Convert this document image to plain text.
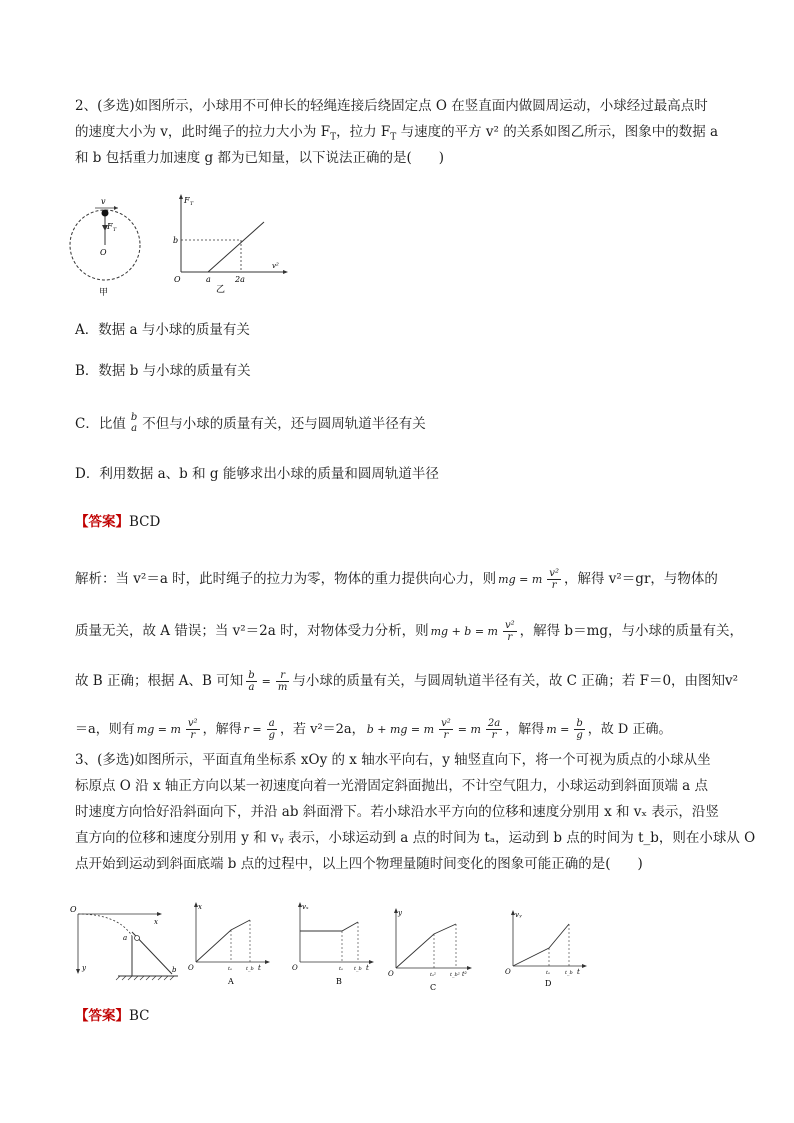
2、(多选)如图所示，小球用不可伸长的轻绳连接后绕固定点 O 在竖直面内做圆周运动，小球经过最高点时
的速度大小为 v，此时绳子的拉力大小为 $F_T$，拉力 $F_T$ 与速度的平方 v² 的关系如图乙所示，图象中的数据 a
和 b 包括重力加速度 g 都为已知量，以下说法正确的是(　　)
v
F T
O
甲
F T
b
O	a	2a
v²
乙
A．数据 a 与小球的质量有关
B．数据 b 与小球的质量有关
C．比值 b
a 不但与小球的质量有关，还与圆周轨道半径有关
D．利用数据 a、b 和 g 能够求出小球的质量和圆周轨道半径
【答案】BCD
解析：当 v²＝a 时，此时绳子的拉力为零，物体的重力提供向心力，则 mg = m $\frac{\text{v²}}{r}$ ，解得 v²＝gr，与物体的
质量无关，故 A 错误；当 v²＝2a 时，对物体受力分析，则 mg + b = m $\frac{\text{v²}}{r}$ ，解得 b＝mg，与小球的质量有关，
故 B 正确；根据 A、B 可知 $\frac{b}{a} = \frac{r}{m}$ 与小球的质量有关，与圆周轨道半径有关，故 C 正确；若 F＝0，由图知v²
＝a，则有 mg = m $\frac{\text{v²}}{r}$ ，解得 $r = \frac{a}{g}$ ，若 v²＝2a， b + mg = m $\frac{\text{v²}}{r} = m \frac{2a}{r}$ ，解得 $m = \frac{b}{g}$ ，故 D 正确。
3、(多选)如图所示，平面直角坐标系 xOy 的 x 轴水平向右，y 轴竖直向下，将一个可视为质点的小球从坐
标原点 O 沿 x 轴正方向以某一初速度向着一光滑固定斜面抛出，不计空气阻力，小球运动到斜面顶端 a 点
时速度方向恰好沿斜面向下，并沿 ab 斜面滑下。若小球沿水平方向的位移和速度分别用 x 和 vₓ 表示，沿竖
直方向的位移和速度分别用 y 和 vᵧ 表示，小球运动到 a 点的时间为 tₐ，运动到 b 点的时间为 t_b，则在小球从 O
点开始到运动到斜面底端 b 点的过程中，以上四个物理量随时间变化的图象可能正确的是(　　)
O
x
y
a
b
x
O	tₐ	t_b t
A
vₓ
O	tₐ t_b t
B
y
O	tₐ²	t_b² t²
C
vᵧ
O	tₐ	t_b t
D
【答案】BC
